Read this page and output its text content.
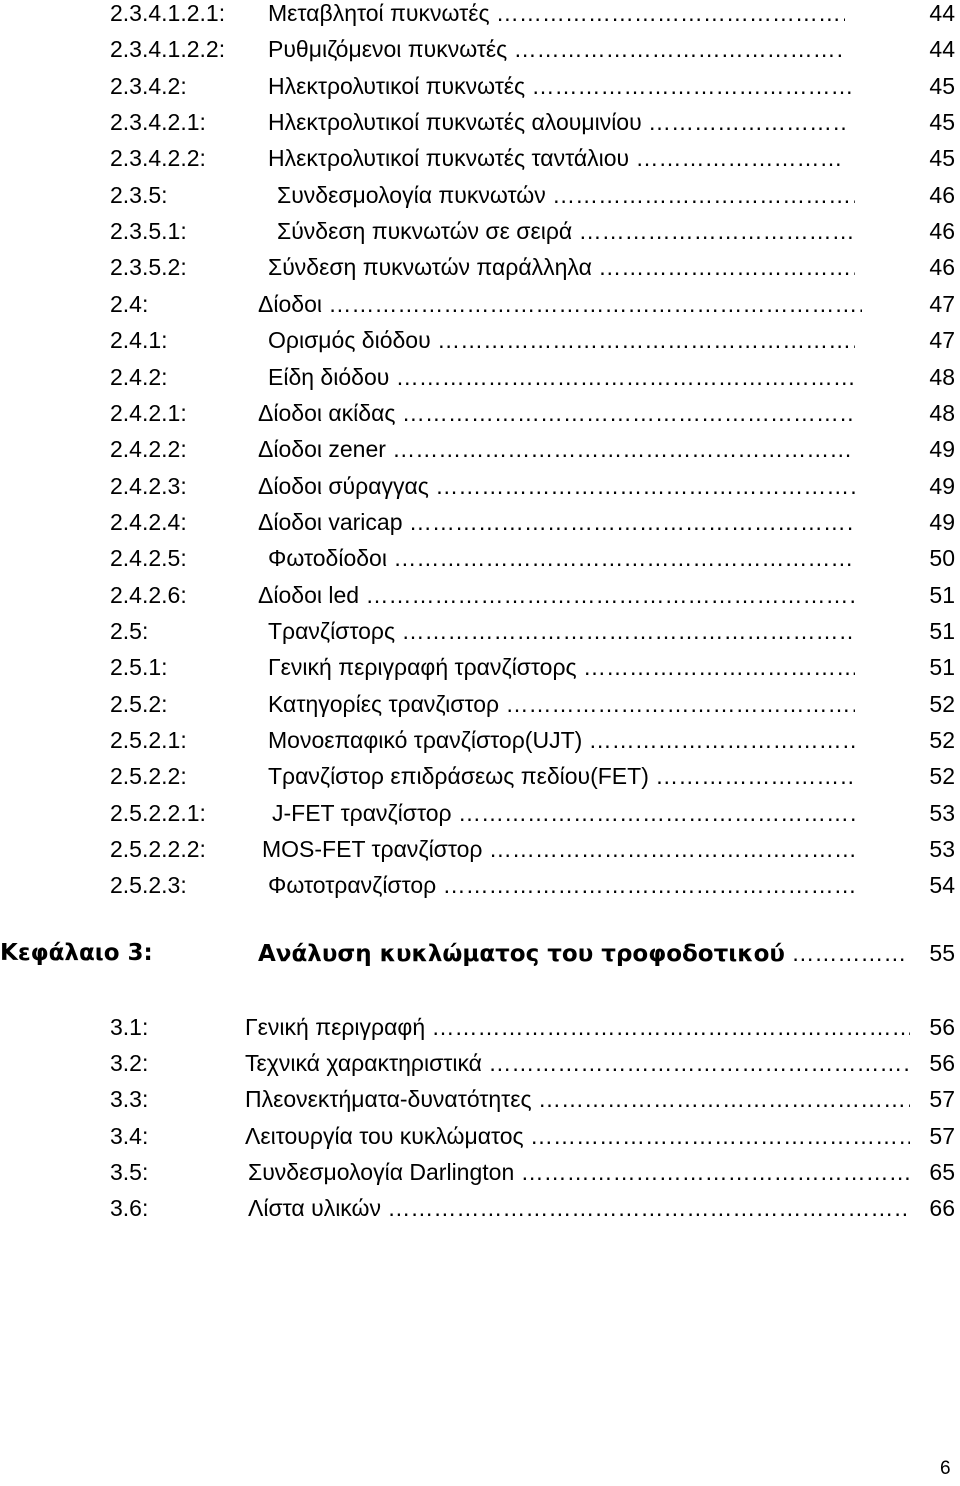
2.3.4.1.2.1: Μεταβλητοί πυκνωτές ………………………………………………………………………………………………………………………………………………………………	44
2.3.4.1.2.2: Ρυθμιζόμενοι πυκνωτές ………………………………………………………………………………………………………………………………………………………………	44
2.3.4.2:	Ηλεκτρολυτικοί πυκνωτές ………………………………………………………………………………………………………………………………………………………………	45
2.3.4.2.1:	Ηλεκτρολυτικοί πυκνωτές αλουμινίου ………………………………………………………………………………………………………………………………………………………………	45
2.3.4.2.2:	Ηλεκτρολυτικοί πυκνωτές ταντάλιου ………………………………………………………………………………………………………………………………………………………………	45
2.3.5:	Συνδεσμολογία πυκνωτών ………………………………………………………………………………………………………………………………………………………………	46
2.3.5.1:	Σύνδεση πυκνωτών σε σειρά ………………………………………………………………………………………………………………………………………………………………	46
2.3.5.2:	Σύνδεση πυκνωτών παράλληλα ………………………………………………………………………………………………………………………………………………………………	46
2.4:	Δίοδοι ………………………………………………………………………………………………………………………………………………………………	47
2.4.1:	Ορισμός διόδου ………………………………………………………………………………………………………………………………………………………………	47
2.4.2:	Είδη διόδου ………………………………………………………………………………………………………………………………………………………………	48
2.4.2.1:	Δίοδοι ακίδας ………………………………………………………………………………………………………………………………………………………………	48
2.4.2.2:	Δίοδοι zener ………………………………………………………………………………………………………………………………………………………………	49
2.4.2.3:	Δίοδοι σύραγγας ………………………………………………………………………………………………………………………………………………………………	49
2.4.2.4:	Δίοδοι varicap ………………………………………………………………………………………………………………………………………………………………	49
2.4.2.5:	Φωτοδίοδοι ………………………………………………………………………………………………………………………………………………………………	50
2.4.2.6:	Δίοδοι led ………………………………………………………………………………………………………………………………………………………………	51
2.5:	Τρανζίστορς ………………………………………………………………………………………………………………………………………………………………	51
2.5.1:	Γενική περιγραφή τρανζίστορς ………………………………………………………………………………………………………………………………………………………………	51
2.5.2:	Κατηγορίες τρανζιστορ ………………………………………………………………………………………………………………………………………………………………	52
2.5.2.1:	Μονοεπαφικό τρανζίστορ(UJT) ………………………………………………………………………………………………………………………………………………………………	52
2.5.2.2:	Τρανζίστορ επιδράσεως πεδίου(FET) ………………………………………………………………………………………………………………………………………………………………	52
2.5.2.2.1:	J-FET τρανζίστορ ………………………………………………………………………………………………………………………………………………………………	53
2.5.2.2.2: MOS-FET τρανζίστορ ………………………………………………………………………………………………………………………………………………………………	53
2.5.2.3:	Φωτοτρανζίστορ ………………………………………………………………………………………………………………………………………………………………	54
Κεφάλαιο 3:	Ανάλυση κυκλώματος του τροφοδοτικού ………………………………………………………………………………………………………………………………………………………………	55
3.1:	Γενική περιγραφή ………………………………………………………………………………………………………………………………………………………………	56
3.2:	Τεχνικά χαρακτηριστικά ………………………………………………………………………………………………………………………………………………………………	56
3.3:	Πλεονεκτήματα-δυνατότητες ………………………………………………………………………………………………………………………………………………………………	57
3.4:	Λειτουργία του κυκλώματος ………………………………………………………………………………………………………………………………………………………………	57
3.5:	Συνδεσμολογία Darlington ………………………………………………………………………………………………………………………………………………………………	65
3.6:	Λίστα υλικών ………………………………………………………………………………………………………………………………………………………………	66
6
